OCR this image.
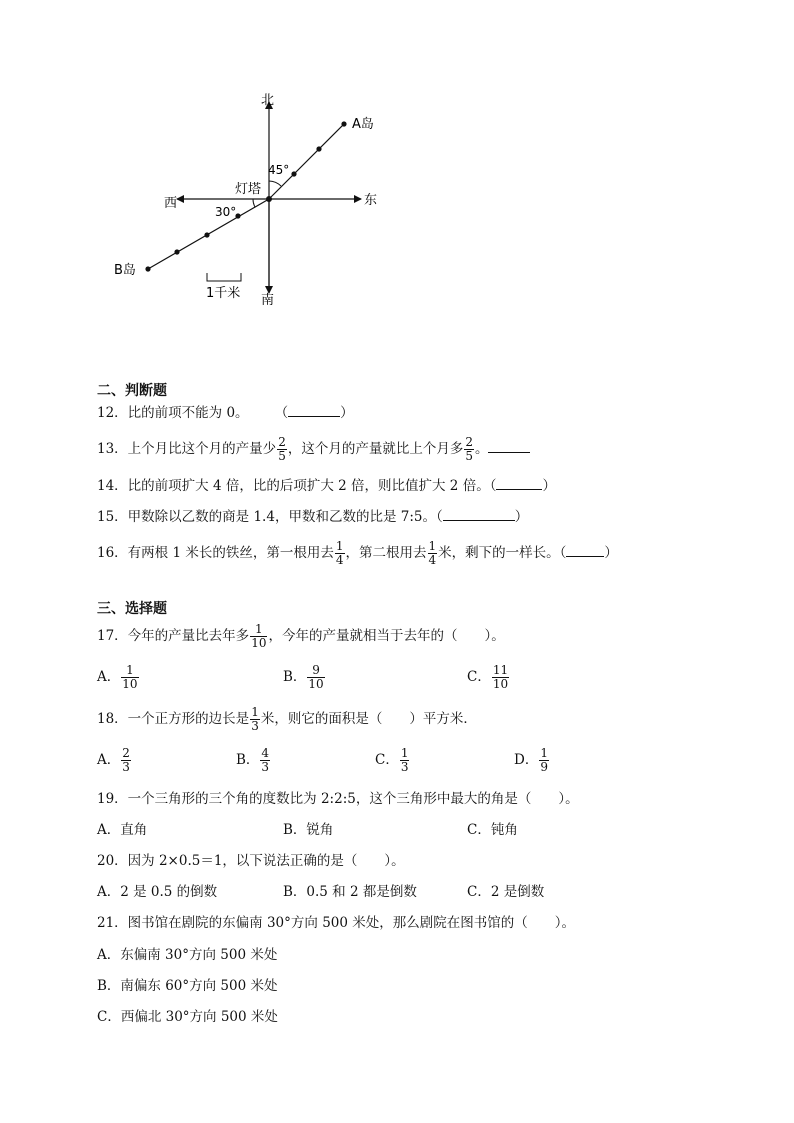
北
南
东
西
灯塔
A岛
B岛
45°
30°
1千米
二、判断题
12．比的前项不能为 0。 （	）
13．上个月比这个月的产量少 $\frac{2}{5}$ ，这个月的产量就比上个月多 $\frac{2}{5}$ 。
14．比的前项扩大 4 倍，比的后项扩大 2 倍，则比值扩大 2 倍。（	）
15．甲数除以乙数的商是 1.4，甲数和乙数的比是 7:5。（	）
16．有两根 1 米长的铁丝，第一根用去 $\frac{1}{4}$ ，第二根用去 $\frac{1}{4}$ 米，剩下的一样长。（	）
三、选择题
17．今年的产量比去年多 $\frac{1}{10}$ ，今年的产量就相当于去年的（　　）。
A． $\frac{1}{10}$	B． $\frac{9}{10}$	C． $\frac{11}{10}$
18．一个正方形的边长是 $\frac{1}{3}$ 米，则它的面积是（　　）平方米．
A． $\frac{2}{3}$	B． $\frac{4}{3}$	C． $\frac{1}{3}$	D． $\frac{1}{9}$
19．一个三角形的三个角的度数比为 2:2:5，这个三角形中最大的角是（　　）。
A．直角	B．锐角	C．钝角
20．因为 2×0.5＝1，以下说法正确的是（　　）。
A．2 是 0.5 的倒数	B．0.5 和 2 都是倒数	C．2 是倒数
21．图书馆在剧院的东偏南 30°方向 500 米处，那么剧院在图书馆的（　　）。
A．东偏南 30°方向 500 米处
B．南偏东 60°方向 500 米处
C．西偏北 30°方向 500 米处
